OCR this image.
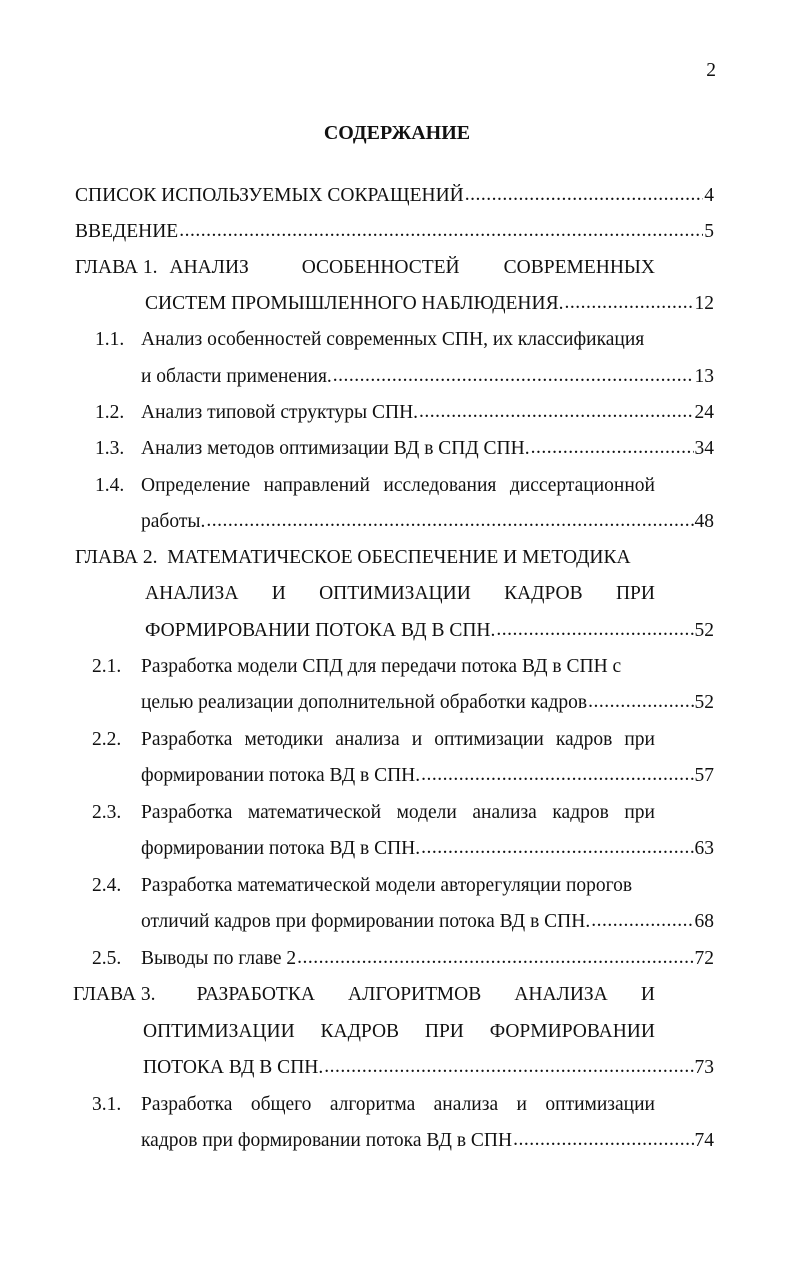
2
СОДЕРЖАНИЕ
СПИСОК ИСПОЛЬЗУЕМЫХ СОКРАЩЕНИЙ .....	4
ВВЕДЕНИЕ .....	5
ГЛАВА 1. АНАЛИЗ	ОСОБЕННОСТЕЙ СОВРЕМЕННЫХ
СИСТЕМ ПРОМЫШЛЕННОГО НАБЛЮДЕНИЯ. .....	12
1.1. Анализ особенностей современных СПН, их классификация
и области применения. .....	13
1.2. Анализ типовой структуры СПН. .....	24
1.3. Анализ методов оптимизации ВД в СПД СПН. .....	34
1.4. Определение направлений исследования диссертационной
работы. .....	48
ГЛАВА 2.  МАТЕМАТИЧЕСКОЕ ОБЕСПЕЧЕНИЕ И МЕТОДИКА
АНАЛИЗА И ОПТИМИЗАЦИИ КАДРОВ ПРИ
ФОРМИРОВАНИИ ПОТОКА ВД В СПН. .....	52
2.1. Разработка модели СПД для передачи потока ВД в СПН с
целью реализации дополнительной обработки кадров .....	52
2.2. Разработка методики анализа и оптимизации кадров при
формировании потока ВД в СПН. .....	57
2.3. Разработка математической модели анализа кадров при
формировании потока ВД в СПН. .....	63
2.4. Разработка математической модели авторегуляции порогов
отличий кадров при формировании потока ВД в СПН. .....	68
2.5. Выводы по главе 2 .....	72
ГЛАВА 3. РАЗРАБОТКА АЛГОРИТМОВ АНАЛИЗА И
ОПТИМИЗАЦИИ КАДРОВ ПРИ ФОРМИРОВАНИИ
ПОТОКА ВД В СПН. .....	73
3.1. Разработка общего алгоритма анализа и оптимизации
кадров при формировании потока ВД в СПН .....	74
